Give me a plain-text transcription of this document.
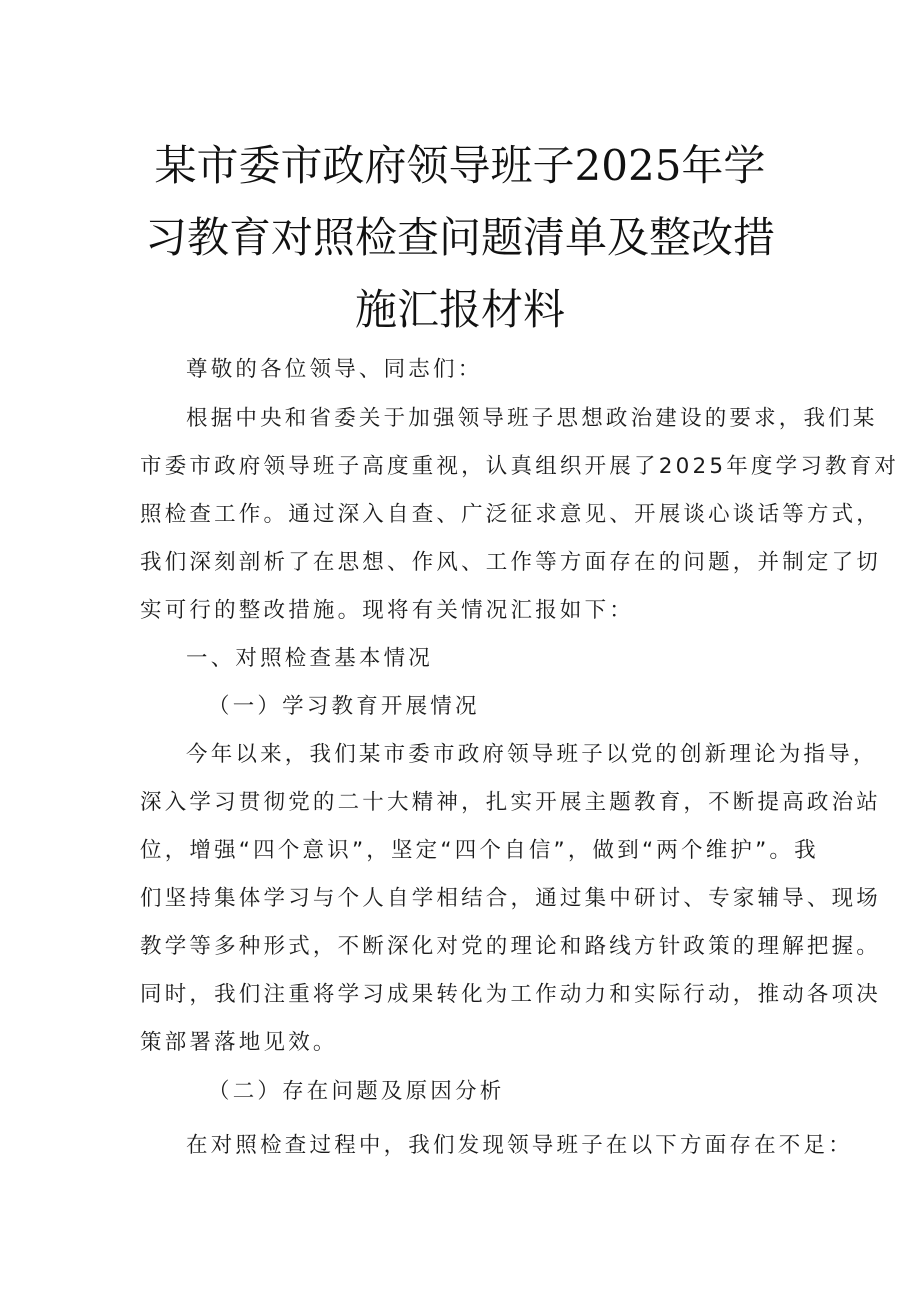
某市委市政府领导班子2025年学习教育对照检查问题清单及整改措施汇报材料
尊敬的各位领导、同志们：
根据中央和省委关于加强领导班子思想政治建设的要求，我们某
市委市政府领导班子高度重视，认真组织开展了2025年度学习教育对
照检查工作。通过深入自查、广泛征求意见、开展谈心谈话等方式，
我们深刻剖析了在思想、作风、工作等方面存在的问题，并制定了切
实可行的整改措施。现将有关情况汇报如下：
一、对照检查基本情况
（一）学习教育开展情况
今年以来，我们某市委市政府领导班子以党的创新理论为指导，
深入学习贯彻党的二十大精神，扎实开展主题教育，不断提高政治站
位，增强“四个意识”，坚定“四个自信”，做到“两个维护”。我
们坚持集体学习与个人自学相结合，通过集中研讨、专家辅导、现场
教学等多种形式，不断深化对党的理论和路线方针政策的理解把握。
同时，我们注重将学习成果转化为工作动力和实际行动，推动各项决
策部署落地见效。
（二）存在问题及原因分析
在对照检查过程中，我们发现领导班子在以下方面存在不足：
